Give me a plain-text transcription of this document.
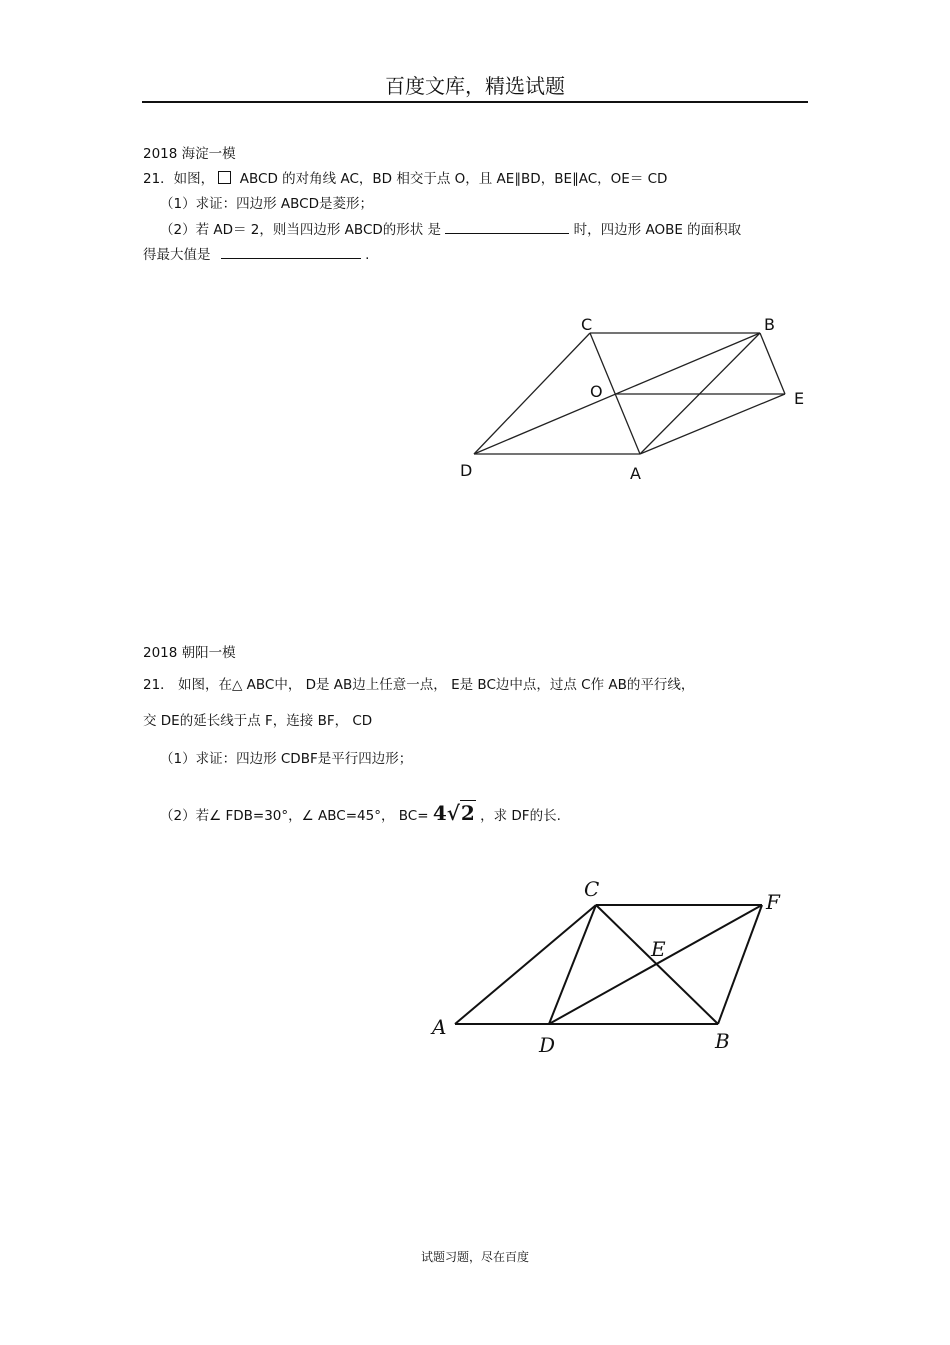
百度文库，精选试题
2018 海淀一模
21．如图， ABCD 的对角线 AC，BD 相交于点 O，且 AE∥BD，BE∥AC，OE＝ CD
（1）求证：四边形 ABCD是菱形；
（2）若 AD＝ 2，则当四边形 ABCD的形状 是	时，四边形 AOBE 的面积取
得最大值是	.
C	B
O	E
D	A
2018 朝阳一模
21． 如图，在△ ABC中， D是 AB边上任意一点， E是 BC边中点，过点 C作 AB的平行线，
交 DE的延长线于点 F，连接 BF， CD
（1）求证：四边形 CDBF是平行四边形；
（2）若∠ FDB=30°，∠ ABC=45°， BC= 4√2 ，求 DF的长.
C
F
E
A
D	B
试题习题，尽在百度
